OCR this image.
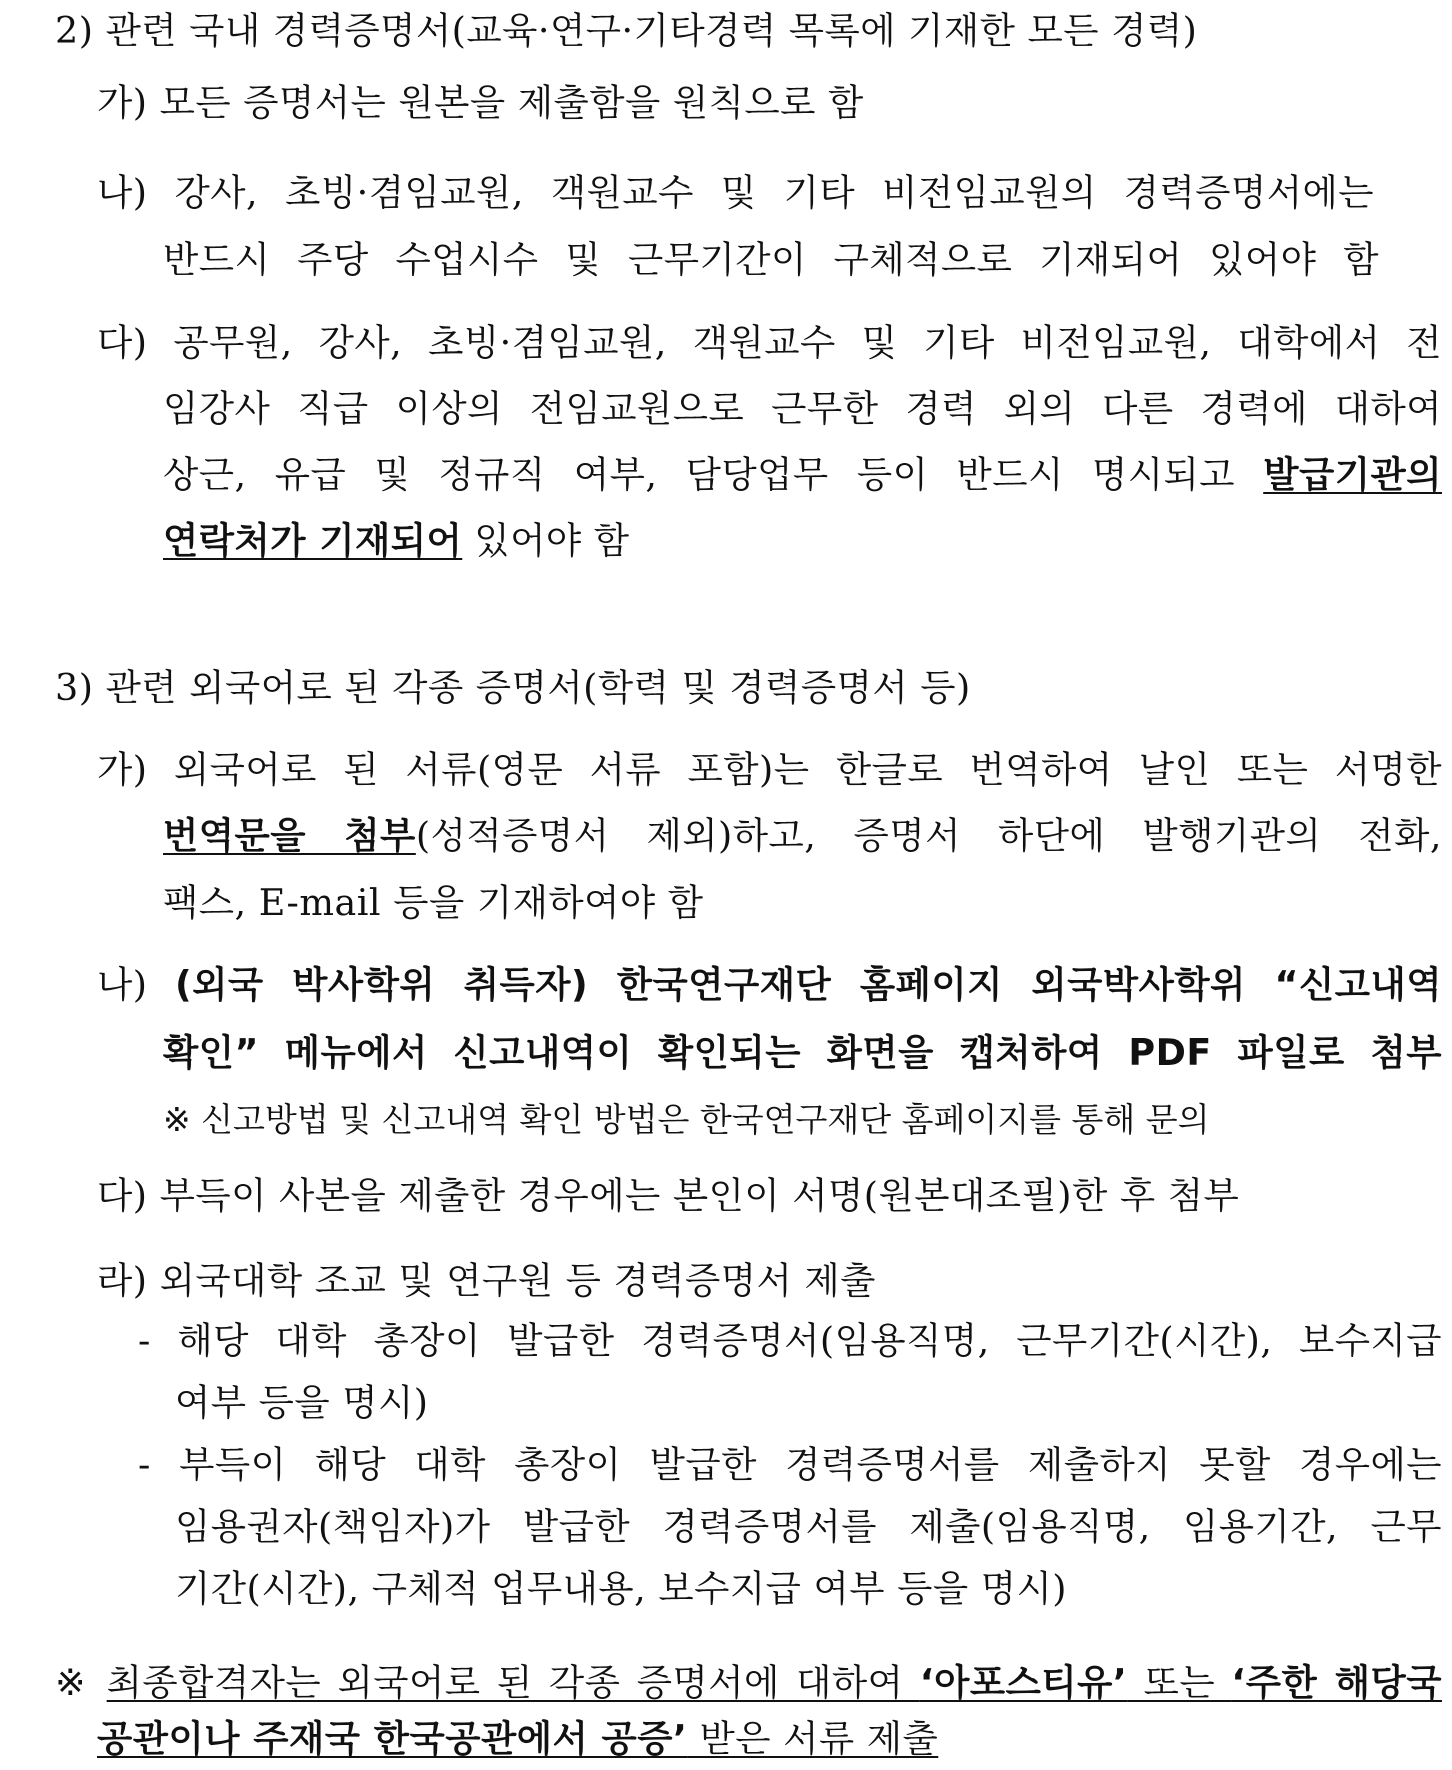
2) 관련 국내 경력증명서(교육·연구·기타경력 목록에 기재한 모든 경력)
가) 모든 증명서는 원본을 제출함을 원칙으로 함
나) 강사, 초빙·겸임교원, 객원교수 및 기타 비전임교원의 경력증명서에는
반드시 주당 수업시수 및 근무기간이 구체적으로 기재되어 있어야 함
다) 공무원, 강사, 초빙·겸임교원, 객원교수 및 기타 비전임교원, 대학에서 전
임강사 직급 이상의 전임교원으로 근무한 경력 외의 다른 경력에 대하여
상근, 유급 및 정규직 여부, 담당업무 등이 반드시 명시되고 발급기관의
연락처가 기재되어 있어야 함
3) 관련 외국어로 된 각종 증명서(학력 및 경력증명서 등)
가) 외국어로 된 서류(영문 서류 포함)는 한글로 번역하여 날인 또는 서명한
번역문을 첨부(성적증명서 제외)하고, 증명서 하단에 발행기관의 전화,
팩스, E-mail 등을 기재하여야 함
나) (외국 박사학위 취득자) 한국연구재단 홈페이지 외국박사학위 “신고내역
확인” 메뉴에서 신고내역이 확인되는 화면을 캡처하여 PDF 파일로 첨부
※ 신고방법 및 신고내역 확인 방법은 한국연구재단 홈페이지를 통해 문의
다) 부득이 사본을 제출한 경우에는 본인이 서명(원본대조필)한 후 첨부
라) 외국대학 조교 및 연구원 등 경력증명서 제출
- 해당 대학 총장이 발급한 경력증명서(임용직명, 근무기간(시간), 보수지급
여부 등을 명시)
- 부득이 해당 대학 총장이 발급한 경력증명서를 제출하지 못할 경우에는
임용권자(책임자)가 발급한 경력증명서를 제출(임용직명, 임용기간, 근무
기간(시간), 구체적 업무내용, 보수지급 여부 등을 명시)
※ 최종합격자는 외국어로 된 각종 증명서에 대하여 ‘아포스티유’ 또는 ‘주한 해당국
공관이나 주재국 한국공관에서 공증’ 받은 서류 제출
